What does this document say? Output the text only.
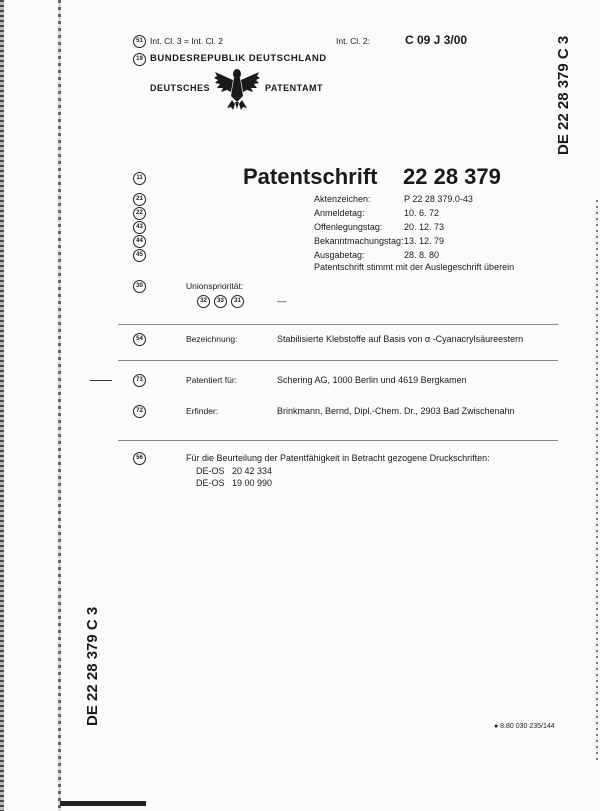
51 Int. Cl. 3 = Int. Cl. 2	Int. Cl. 2:	C 09 J 3/00
19 BUNDESREPUBLIK DEUTSCHLAND
DEUTSCHES	PATENTAMT	DE 22 28 379 C 3
11	Patentschrift 22 28 379
21	Aktenzeichen:	P 22 28 379.0-43
22	Anmeldetag:	10. 6. 72
43	Offenlegungstag: 20. 12. 73
44	Bekanntmachungstag: 13. 12. 79
45	Ausgabetag:	28. 8. 80
Patentschrift stimmt mit der Auslegeschrift überein
30	Unionspriorität:
32	33	31	—
54	Bezeichnung:	Stabilisierte Klebstoffe auf Basis von α -Cyanacrylsäureestern
73	Patentiert für:	Schering AG, 1000 Berlin und 4619 Bergkamen
72	Erfinder:	Brinkmann, Bernd, Dipl.-Chem. Dr., 2903 Bad Zwischenahn
56	Für die Beurteilung der Patentfähigkeit in Betracht gezogene Druckschriften:
DE-OS   20 42 334
DE-OS   19 00 990
DE 22 28 379 C 3
● 8.80 030 235/144
